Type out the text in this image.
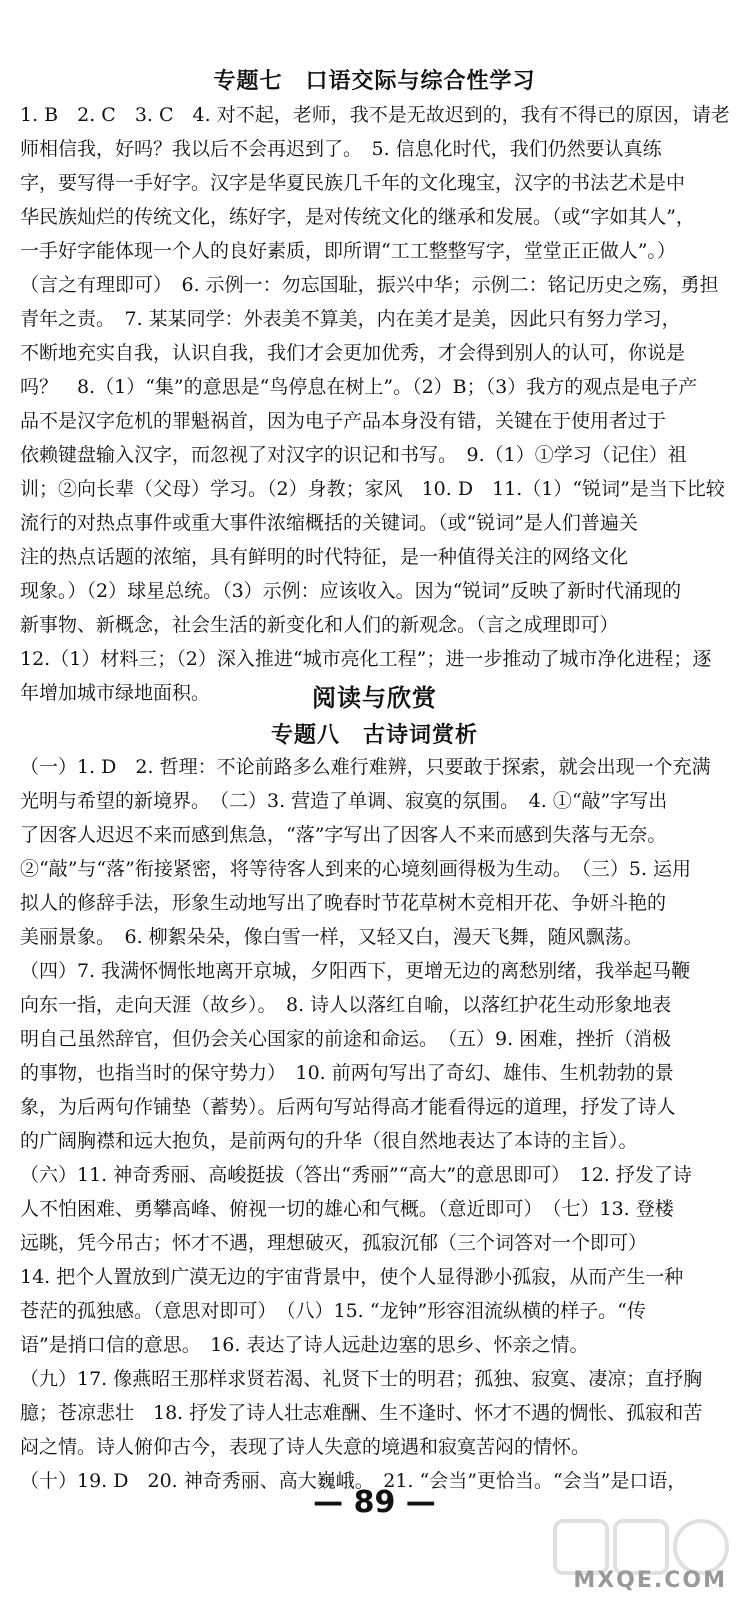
专题七　口语交际与综合性学习
1. B　2. C　3. C　4. 对不起，老师，我不是无故迟到的，我有不得已的原因，请老
师相信我，好吗？我以后不会再迟到了。　5. 信息化时代，我们仍然要认真练
字，要写得一手好字。汉字是华夏民族几千年的文化瑰宝，汉字的书法艺术是中
华民族灿烂的传统文化，练好字，是对传统文化的继承和发展。（或“字如其人”，
一手好字能体现一个人的良好素质，即所谓“工工整整写字，堂堂正正做人”。）
（言之有理即可）　6. 示例一：勿忘国耻，振兴中华；示例二：铭记历史之殇，勇担
青年之责。　7. 某某同学：外表美不算美，内在美才是美，因此只有努力学习，
不断地充实自我，认识自我，我们才会更加优秀，才会得到别人的认可，你说是
吗？　8.（1）“集”的意思是“鸟停息在树上”。（2）B；（3）我方的观点是电子产
品不是汉字危机的罪魁祸首，因为电子产品本身没有错，关键在于使用者过于
依赖键盘输入汉字，而忽视了对汉字的识记和书写。　9.（1）①学习（记住）祖
训；②向长辈（父母）学习。（2）身教；家风　10. D　11.（1）“锐词”是当下比较
流行的对热点事件或重大事件浓缩概括的关键词。（或“锐词”是人们普遍关
注的热点话题的浓缩，具有鲜明的时代特征，是一种值得关注的网络文化
现象。）（2）球星总统。（3）示例：应该收入。因为“锐词”反映了新时代涌现的
新事物、新概念，社会生活的新变化和人们的新观念。（言之成理即可）
12.（1）材料三；（2）深入推进“城市亮化工程”；进一步推动了城市净化进程；逐
年增加城市绿地面积。	阅读与欣赏
专题八　古诗词赏析
（一）1. D　2. 哲理：不论前路多么难行难辨，只要敢于探索，就会出现一个充满
光明与希望的新境界。　（二）3. 营造了单调、寂寞的氛围。　4. ①“敲”字写出
了因客人迟迟不来而感到焦急，“落”字写出了因客人不来而感到失落与无奈。
②“敲”与“落”衔接紧密，将等待客人到来的心境刻画得极为生动。　（三）5. 运用
拟人的修辞手法，形象生动地写出了晚春时节花草树木竞相开花、争妍斗艳的
美丽景象。　6. 柳絮朵朵，像白雪一样，又轻又白，漫天飞舞，随风飘荡。
（四）7. 我满怀惆怅地离开京城，夕阳西下，更增无边的离愁别绪，我举起马鞭
向东一指，走向天涯（故乡）。　8. 诗人以落红自喻，以落红护花生动形象地表
明自己虽然辞官，但仍会关心国家的前途和命运。　（五）9. 困难，挫折（消极
的事物，也指当时的保守势力）　10. 前两句写出了奇幻、雄伟、生机勃勃的景
象，为后两句作铺垫（蓄势）。后两句写站得高才能看得远的道理，抒发了诗人
的广阔胸襟和远大抱负，是前两句的升华（很自然地表达了本诗的主旨）。
（六）11. 神奇秀丽、高峻挺拔（答出“秀丽”“高大”的意思即可）　12. 抒发了诗
人不怕困难、勇攀高峰、俯视一切的雄心和气概。（意近即可）　（七）13. 登楼
远眺，凭今吊古；怀才不遇，理想破灭，孤寂沉郁（三个词答对一个即可）
14. 把个人置放到广漠无边的宇宙背景中，使个人显得渺小孤寂，从而产生一种
苍茫的孤独感。（意思对即可）　（八）15. “龙钟”形容泪流纵横的样子。“传
语”是捎口信的意思。　16. 表达了诗人远赴边塞的思乡、怀亲之情。
（九）17. 像燕昭王那样求贤若渴、礼贤下士的明君；孤独、寂寞、凄凉；直抒胸
臆；苍凉悲壮　18. 抒发了诗人壮志难酬、生不逢时、怀才不遇的惆怅、孤寂和苦
闷之情。诗人俯仰古今，表现了诗人失意的境遇和寂寞苦闷的情怀。
（十）19. D　20. 神奇秀丽、高大巍峨。　21. “会当”更恰当。“会当”是口语，
— 89 —
MXQE.COM
